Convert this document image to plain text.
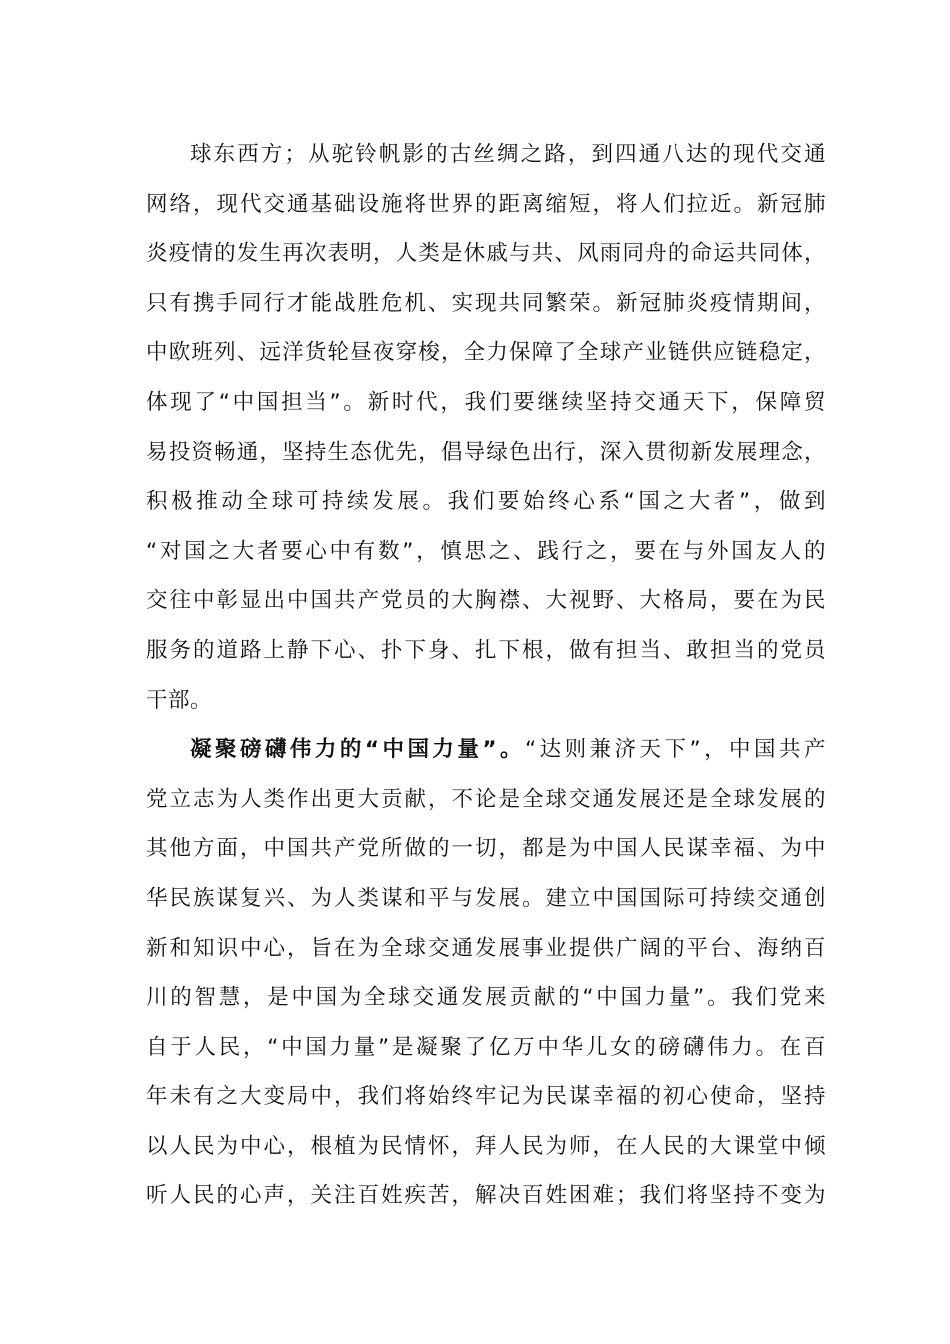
球东西方；从驼铃帆影的古丝绸之路，到四通八达的现代交通
网络，现代交通基础设施将世界的距离缩短，将人们拉近。新冠肺
炎疫情的发生再次表明，人类是休戚与共、风雨同舟的命运共同体，
只有携手同行才能战胜危机、实现共同繁荣。新冠肺炎疫情期间，
中欧班列、远洋货轮昼夜穿梭，全力保障了全球产业链供应链稳定，
体现了“中国担当”。新时代，我们要继续坚持交通天下，保障贸
易投资畅通，坚持生态优先，倡导绿色出行，深入贯彻新发展理念，
积极推动全球可持续发展。我们要始终心系“国之大者”，做到
“对国之大者要心中有数”，慎思之、践行之，要在与外国友人的
交往中彰显出中国共产党员的大胸襟、大视野、大格局，要在为民
服务的道路上静下心、扑下身、扎下根，做有担当、敢担当的党员
干部。
凝聚磅礴伟力的“中国力量”。“达则兼济天下”，中国共产
党立志为人类作出更大贡献，不论是全球交通发展还是全球发展的
其他方面，中国共产党所做的一切，都是为中国人民谋幸福、为中
华民族谋复兴、为人类谋和平与发展。建立中国国际可持续交通创
新和知识中心，旨在为全球交通发展事业提供广阔的平台、海纳百
川的智慧，是中国为全球交通发展贡献的“中国力量”。我们党来
自于人民，“中国力量”是凝聚了亿万中华儿女的磅礴伟力。在百
年未有之大变局中，我们将始终牢记为民谋幸福的初心使命，坚持
以人民为中心，根植为民情怀，拜人民为师，在人民的大课堂中倾
听人民的心声，关注百姓疾苦，解决百姓困难；我们将坚持不变为
